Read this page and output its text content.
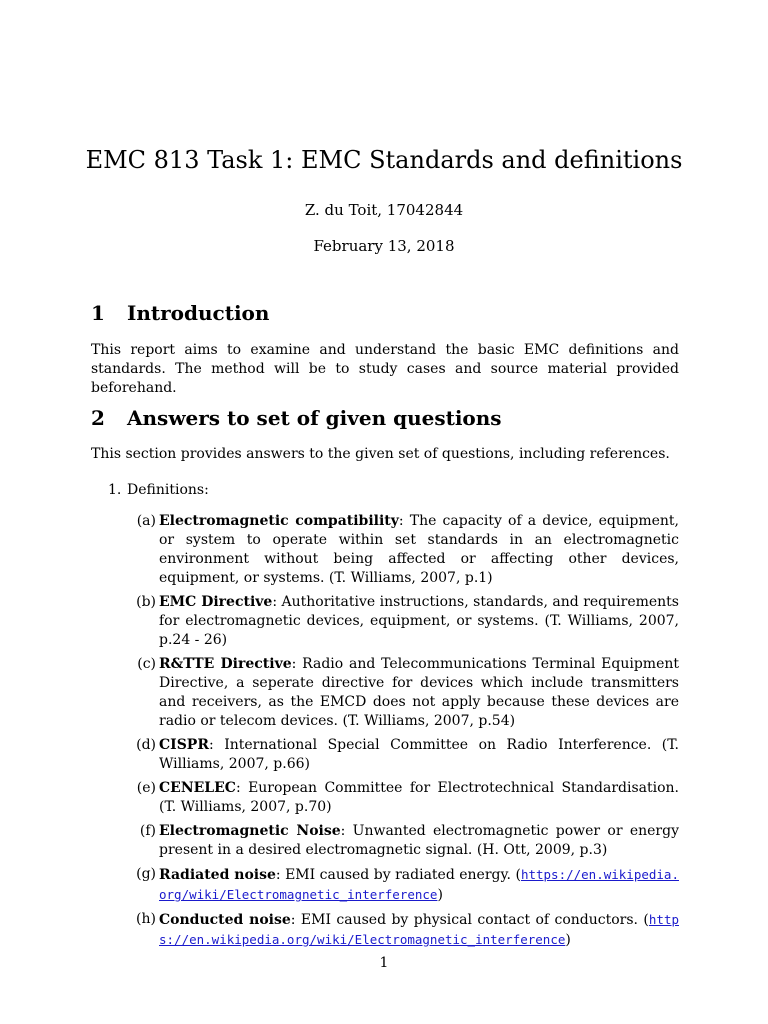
EMC 813 Task 1: EMC Standards and definitions
Z. du Toit, 17042844
February 13, 2018
1 Introduction

This report aims to examine and understand the basic EMC definitions and standards. The method will be to study cases and source material provided beforehand.

2 Answers to set of given questions

This section provides answers to the given set of questions, including references.

1. Definitions:
(a) Electromagnetic compatibility: The capacity of a device, equipment, or system to operate within set standards in an electromagnetic environment without being affected or affecting other devices, equipment, or systems. (T. Williams, 2007, p.1)
(b) EMC Directive: Authoritative instructions, standards, and requirements for electromagnetic devices, equipment, or systems. (T. Williams, 2007, p.24 - 26)
(c) R&TTE Directive: Radio and Telecommunications Terminal Equipment Directive, a seperate directive for devices which include transmitters and receivers, as the EMCD does not apply because these devices are radio or telecom devices. (T. Williams, 2007, p.54)
(d) CISPR: International Special Committee on Radio Interference. (T. Williams, 2007, p.66)
(e) CENELEC: European Committee for Electrotechnical Standardisation. (T. Williams, 2007, p.70)
(f) Electromagnetic Noise: Unwanted electromagnetic power or energy present in a desired electromagnetic signal. (H. Ott, 2009, p.3)
(g) Radiated noise: EMI caused by radiated energy. (https://en.wikipedia.org/wiki/Electromagnetic_interference)
(h) Conducted noise: EMI caused by physical contact of conductors. (https://en.wikipedia.org/wiki/Electromagnetic_interference)
1
